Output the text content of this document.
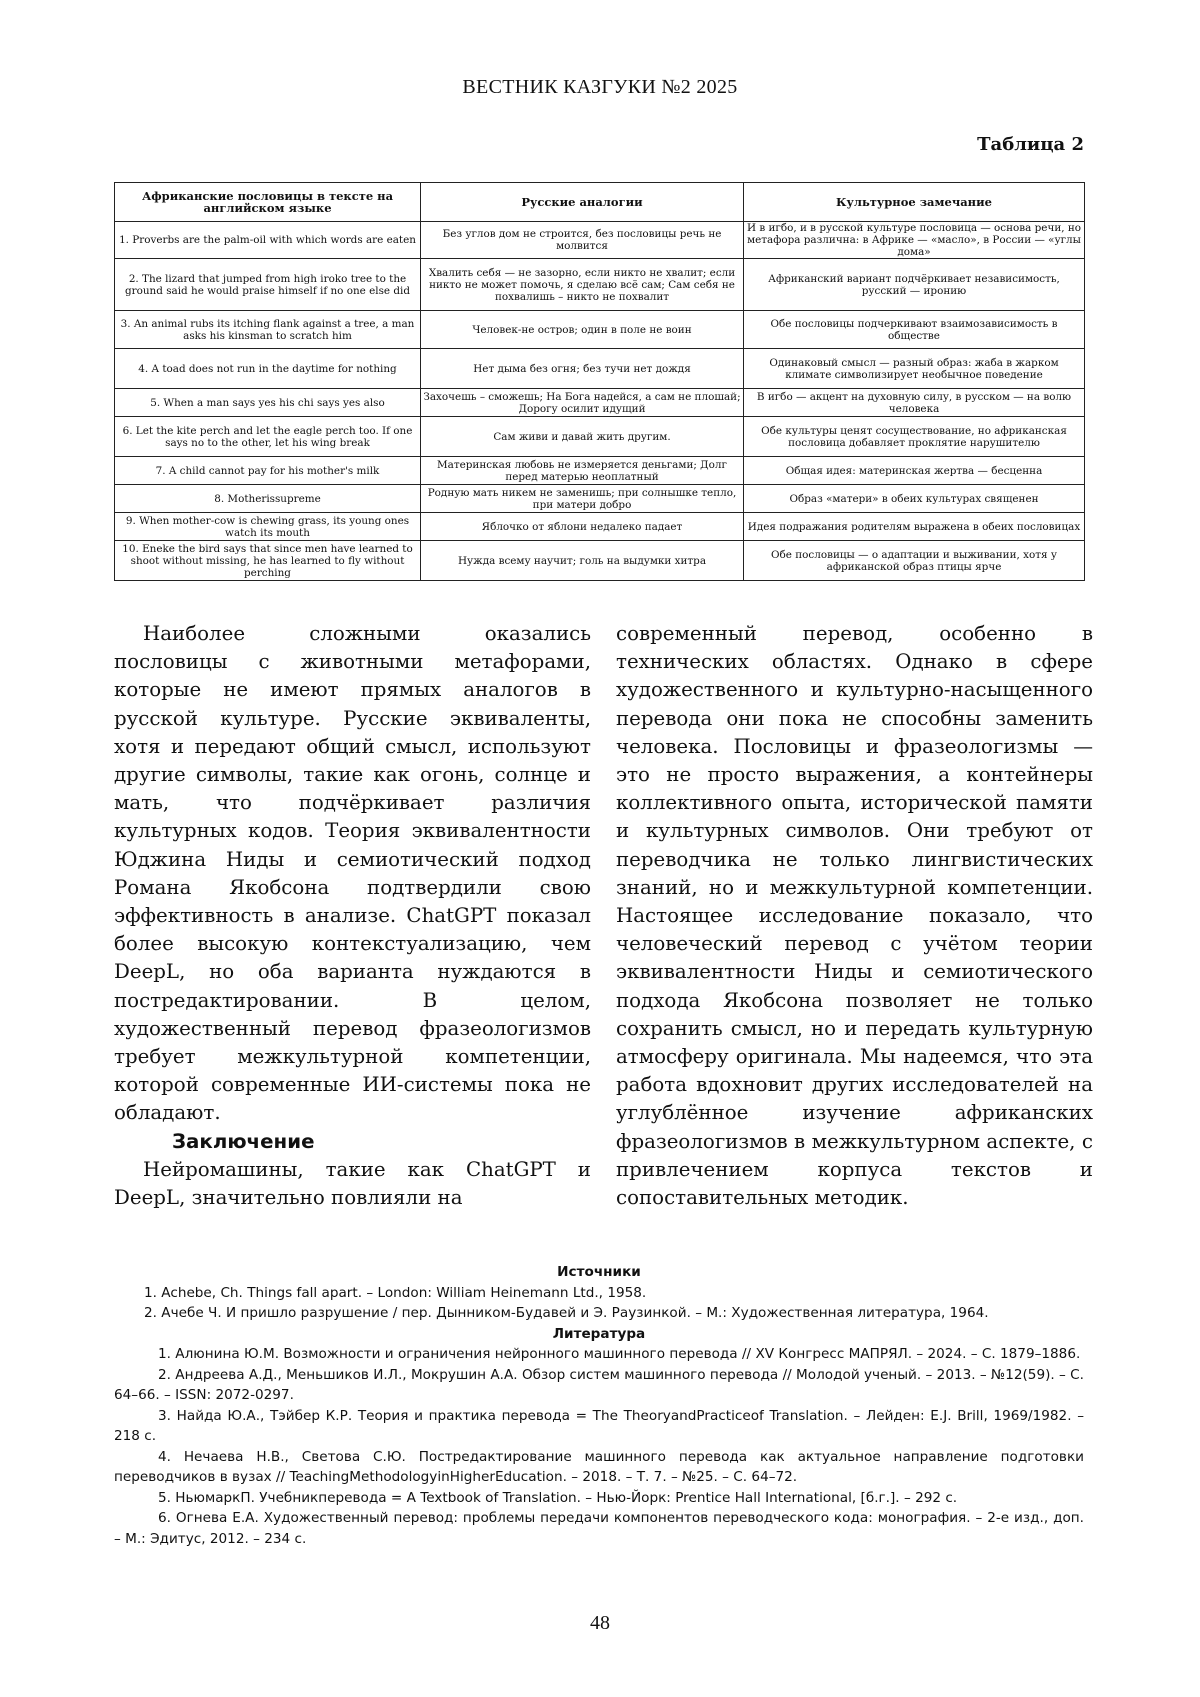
ВЕСТНИК КАЗГУКИ №2 2025
Таблица 2
Африканские пословицы в тексте на английском языке	Русские аналогии	Культурное замечание
1. Proverbs are the palm-oil with which words are eaten	Без углов дом не строится, без пословицы речь не молвится	И в игбо, и в русской культуре пословица — основа речи, но метафора различна: в Африке — «масло», в России — «углы дома»
2. The lizard that jumped from high iroko tree to the ground said he would praise himself if no one else did	Хвалить себя — не зазорно, если никто не хвалит; если никто не может помочь, я сделаю всё сам; Сам себя не похвалишь – никто не похвалит	Африканский вариант подчёркивает независимость, русский — иронию
3. An animal rubs its itching flank against a tree, a man asks his kinsman to scratch him	Человек-не остров; один в поле не воин	Обе пословицы подчеркивают взаимозависимость в обществе
4. A toad does not run in the daytime for nothing	Нет дыма без огня; без тучи нет дождя	Одинаковый смысл — разный образ: жаба в жарком климате символизирует необычное поведение
5. When a man says yes his chi says yes also	Захочешь – сможешь; На Бога надейся, а сам не плошай; Дорогу осилит идущий	В игбо — акцент на духовную силу, в русском — на волю человека
6. Let the kite perch and let the eagle perch too. If one says no to the other, let his wing break	Сам живи и давай жить другим.	Обе культуры ценят сосуществование, но африканская пословица добавляет проклятие нарушителю
7. A child cannot pay for his mother's milk	Материнская любовь не измеряется деньгами; Долг перед матерью неоплатный	Общая идея: материнская жертва — бесценна
8. Motherissupreme	Родную мать никем не заменишь; при солнышке тепло, при матери добро	Образ «матери» в обеих культурах священен
9. When mother-cow is chewing grass, its young ones watch its mouth	Яблочко от яблони недалеко падает	Идея подражания родителям выражена в обеих пословицах
10. Eneke the bird says that since men have learned to shoot without missing, he has learned to fly without perching	Нужда всему научит; голь на выдумки хитра	Обе пословицы — о адаптации и выживании, хотя у африканской образ птицы ярче

Наиболее сложными оказались пословицы с животными метафорами, которые не имеют прямых аналогов в русской культуре. Русские эквиваленты, хотя и передают общий смысл, используют другие символы, такие как огонь, солнце и мать, что подчёркивает различия культурных кодов. Теория эквивалентности Юджина Ниды и семиотический подход Романа Якобсона подтвердили свою эффективность в анализе. ChatGPT показал более высокую контекстуализацию, чем DeepL, но оба варианта нуждаются в постредактировании. В целом, художественный перевод фразеологизмов требует межкультурной компетенции, которой современные ИИ-системы пока не обладают.

Заключение

Нейромашины, такие как ChatGPT и DeepL, значительно повлияли на

современный перевод, особенно в технических областях. Однако в сфере художественного и культурно-насыщенного перевода они пока не способны заменить человека. Пословицы и фразеологизмы — это не просто выражения, а контейнеры коллективного опыта, исторической памяти и культурных символов. Они требуют от переводчика не только лингвистических знаний, но и межкультурной компетенции. Настоящее исследование показало, что человеческий перевод с учётом теории эквивалентности Ниды и семиотического подхода Якобсона позволяет не только сохранить смысл, но и передать культурную атмосферу оригинала. Мы надеемся, что эта работа вдохновит других исследователей на углублённое изучение африканских фразеологизмов в межкультурном аспекте, с привлечением корпуса текстов и сопоставительных методик.

Источники

1. Achebe, Ch. Things fall apart. – London: William Heinemann Ltd., 1958.

2. Ачебе Ч. И пришло разрушение / пер. Дынником-Будавей и Э. Раузинкой. – М.: Художественная литература, 1964.

Литература

1. Алюнина Ю.М. Возможности и ограничения нейронного машинного перевода // XV Конгресс МАПРЯЛ. – 2024. – С. 1879–1886.

2. Андреева А.Д., Меньшиков И.Л., Мокрушин А.А. Обзор систем машинного перевода // Молодой ученый. – 2013. – №12(59). – С. 64–66. – ISSN: 2072-0297.

3. Найда Ю.А., Тэйбер К.Р. Теория и практика перевода = The TheoryandPracticeof Translation. – Лейден: E.J. Brill, 1969/1982. – 218 с.

4. Нечаева Н.В., Светова С.Ю. Постредактирование машинного перевода как актуальное направление подготовки переводчиков в вузах // TeachingMethodologyinHigherEducation. – 2018. – Т. 7. – №25. – С. 64–72.

5. НьюмаркП. Учебникперевода = A Textbook of Translation. – Нью-Йорк: Prentice Hall International, [б.г.]. – 292 с.

6. Огнева Е.А. Художественный перевод: проблемы передачи компонентов переводческого кода: монография. – 2-е изд., доп. – М.: Эдитус, 2012. – 234 с.

48
